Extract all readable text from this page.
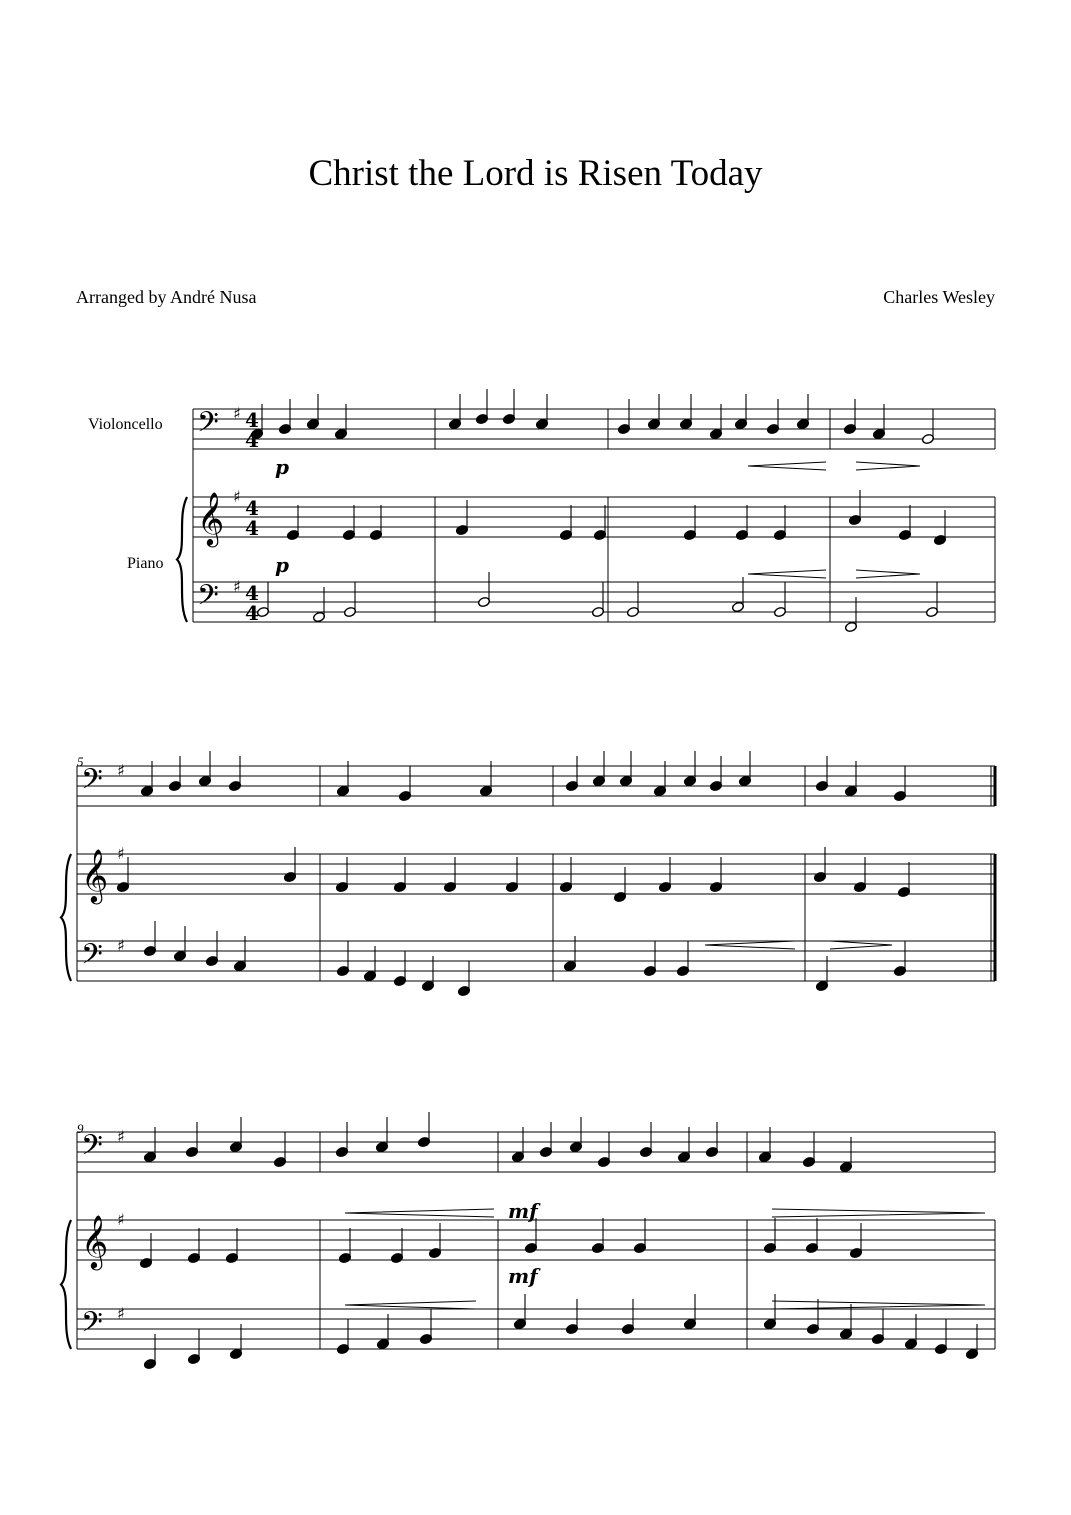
Christ the Lord is Risen Today
Arranged by André Nusa	Charles Wesley
Violoncello
Piano
5
9
𝄢
𝄞
𝄢
♯
♯
♯
4
4
4
4
4
4
𝄢
𝄞
𝄢
♯
♯
♯
𝄢
𝄞
𝄢
♯
♯
♯
p
p
mf
mf
